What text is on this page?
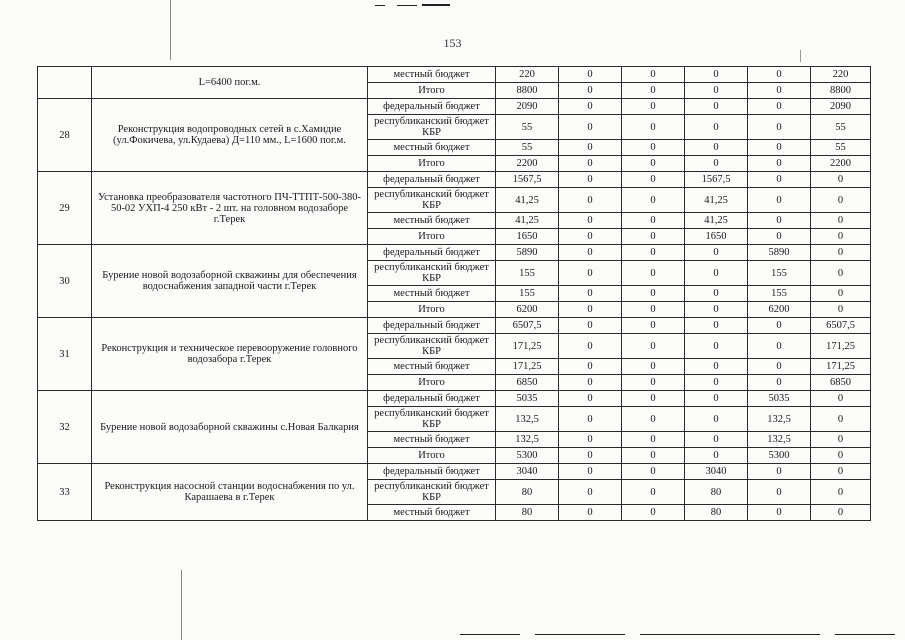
153
	L=6400 пог.м.	местный бюджет	220	0	0	0	0	220
		Итого	8800	0	0	0	0	8800
28	Реконструкция водопроводных сетей в с.Хамидие (ул.Фокичева, ул.Кудаева) Д=110 мм., L=1600 пог.м.	федеральный бюджет	2090	0	0	0	0	2090
		республиканский бюджет КБР	55	0	0	0	0	55
		местный бюджет	55	0	0	0	0	55
		Итого	2200	0	0	0	0	2200
29	Установка преобразователя частотного ПЧ-ТТПТ-500-380-50-02 УХП-4 250 кВт - 2 шт. на головном водозаборе г.Терек	федеральный бюджет	1567,5	0	0	1567,5	0	0
		республиканский бюджет КБР	41,25	0	0	41,25	0	0
		местный бюджет	41,25	0	0	41,25	0	0
		Итого	1650	0	0	1650	0	0
30	Бурение новой водозаборной скважины для обеспечения водоснабжения западной части г.Терек	федеральный бюджет	5890	0	0	0	5890	0
		республиканский бюджет КБР	155	0	0	0	155	0
		местный бюджет	155	0	0	0	155	0
		Итого	6200	0	0	0	6200	0
31	Реконструкция и техническое перевооружение головного водозабора г.Терек	федеральный бюджет	6507,5	0	0	0	0	6507,5
		республиканский бюджет КБР	171,25	0	0	0	0	171,25
		местный бюджет	171,25	0	0	0	0	171,25
		Итого	6850	0	0	0	0	6850
32	Бурение новой водозаборной скважины с.Новая Балкария	федеральный бюджет	5035	0	0	0	5035	0
		республиканский бюджет КБР	132,5	0	0	0	132,5	0
		местный бюджет	132,5	0	0	0	132,5	0
		Итого	5300	0	0	0	5300	0
33	Реконструкция насосной станции водоснабжения по ул. Карашаева в г.Терек	федеральный бюджет	3040	0	0	3040	0	0
		республиканский бюджет КБР	80	0	0	80	0	0
		местный бюджет	80	0	0	80	0	0
